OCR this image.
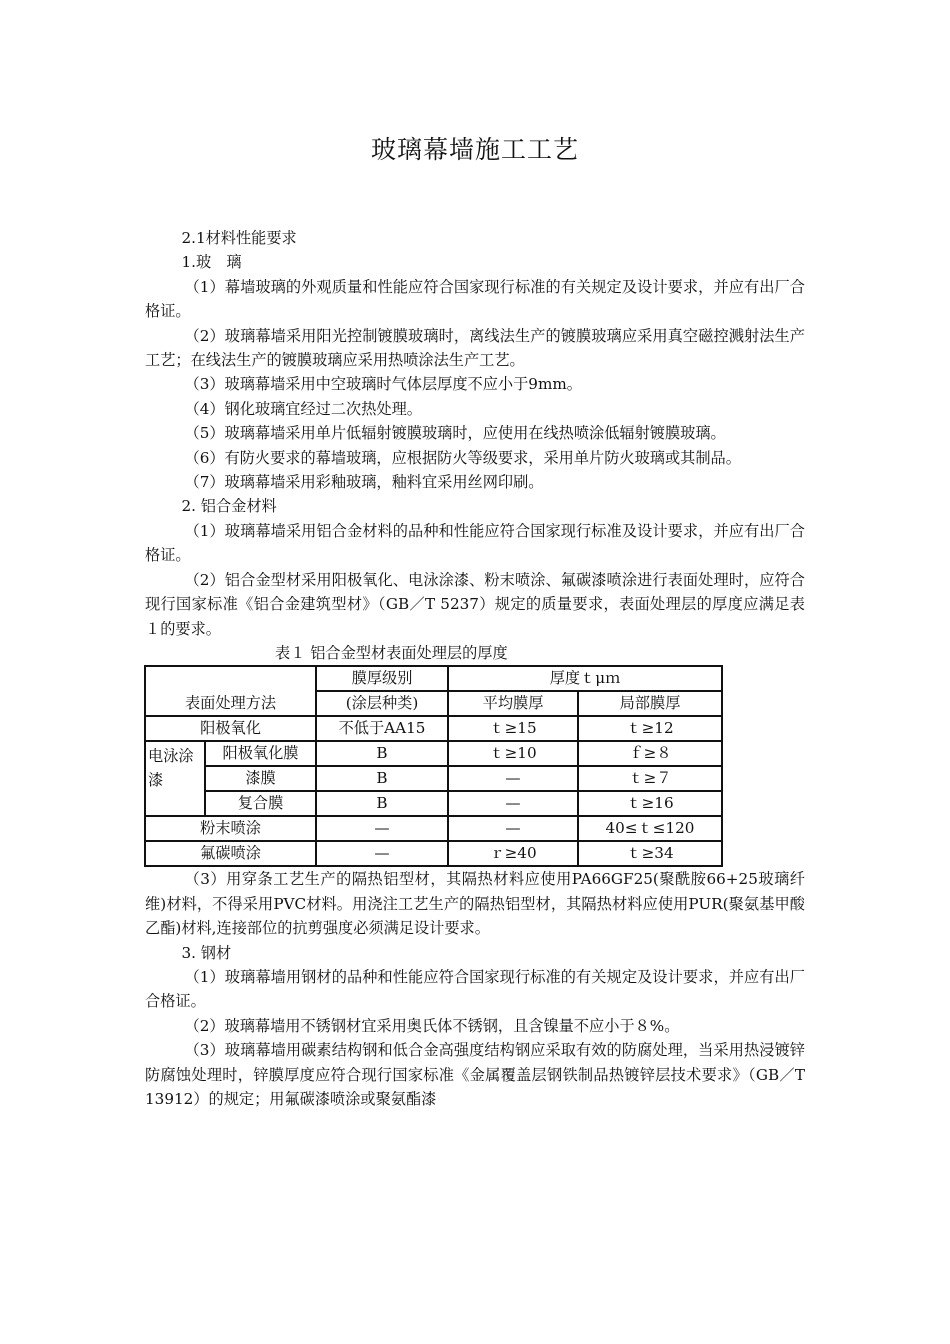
玻璃幕墙施工工艺

2.1材料性能要求

1.玻　璃

（1）幕墙玻璃的外观质量和性能应符合国家现行标准的有关规定及设计要求，并应有出厂合格证。

（2）玻璃幕墙采用阳光控制镀膜玻璃时，离线法生产的镀膜玻璃应采用真空磁控溅射法生产工艺；在线法生产的镀膜玻璃应采用热喷涂法生产工艺。

（3）玻璃幕墙采用中空玻璃时气体层厚度不应小于9mm。

（4）钢化玻璃宜经过二次热处理。

（5）玻璃幕墙采用单片低辐射镀膜玻璃时，应使用在线热喷涂低辐射镀膜玻璃。

（6）有防火要求的幕墙玻璃，应根据防火等级要求，采用单片防火玻璃或其制品。

（7）玻璃幕墙采用彩釉玻璃，釉料宜采用丝网印刷。

2. 铝合金材料

（1）玻璃幕墙采用铝合金材料的品种和性能应符合国家现行标准及设计要求，并应有出厂合格证。

（2）铝合金型材采用阳极氧化、电泳涂漆、粉末喷涂、氟碳漆喷涂进行表面处理时，应符合现行国家标准《铝合金建筑型材》（GB／T 5237）规定的质量要求，表面处理层的厚度应满足表１的要求。

表１ 铝合金型材表面处理层的厚度

表面处理方法		膜厚级别	厚度ｔμｍ	
		(涂层种类)	平均膜厚	局部膜厚
阳极氧化		不低于AA15	ｔ≥15	ｔ≥12
电泳涂漆	阳极氧化膜	B	ｔ≥10	ｆ≥８
	漆膜	B	—	ｔ≥７
	复合膜	B	—	ｔ≥16
粉末喷涂		—	—	40≤ｔ≤120
氟碳喷涂		—	ｒ≥40	ｔ≥34

（3）用穿条工艺生产的隔热铝型材，其隔热材料应使用PA66GF25(聚酰胺66+25玻璃纤维)材料，不得采用PVC材料。用浇注工艺生产的隔热铝型材，其隔热材料应使用PUR(聚氨基甲酸乙酯)材料,连接部位的抗剪强度必须满足设计要求。

3. 钢材

（1）玻璃幕墙用钢材的品种和性能应符合国家现行标准的有关规定及设计要求，并应有出厂合格证。

（2）玻璃幕墙用不锈钢材宜采用奥氏体不锈钢，且含镍量不应小于８%。

（3）玻璃幕墙用碳素结构钢和低合金高强度结构钢应采取有效的防腐处理，当采用热浸镀锌防腐蚀处理时，锌膜厚度应符合现行国家标准《金属覆盖层钢铁制品热镀锌层技术要求》（GB／T 13912）的规定；用氟碳漆喷涂或聚氨酯漆
